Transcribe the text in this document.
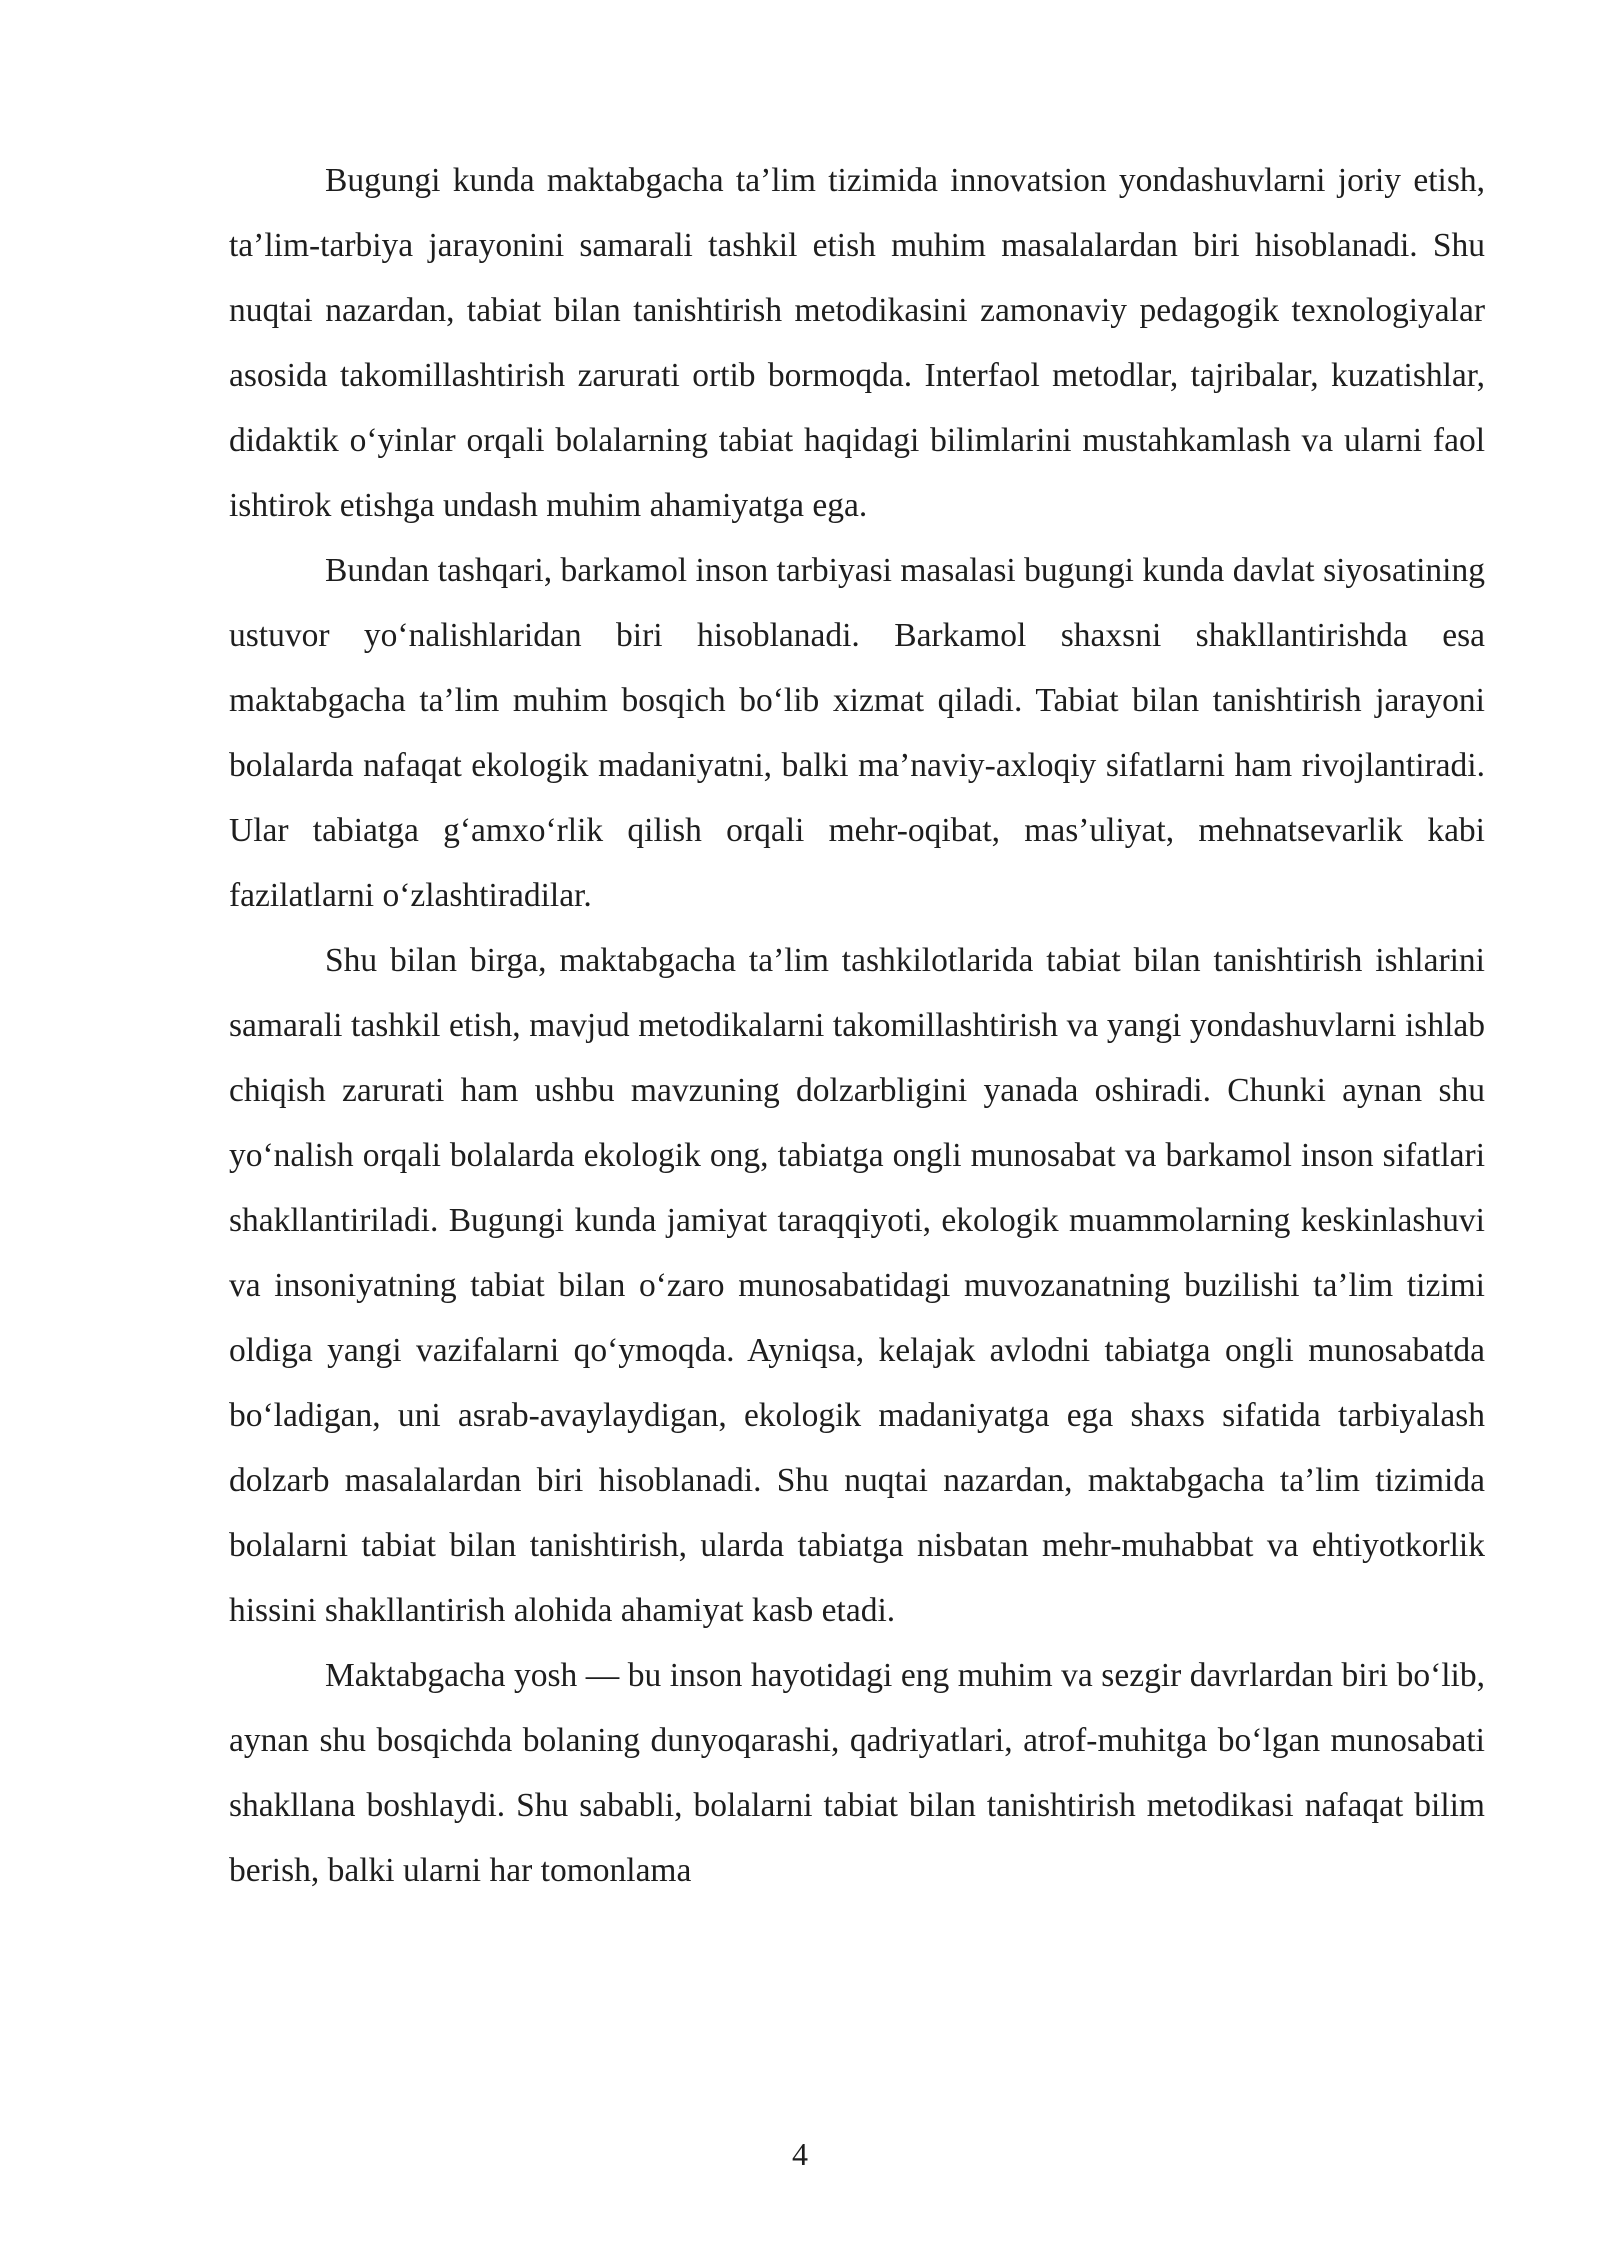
Bugungi kunda maktabgacha ta’lim tizimida innovatsion yondashuvlarni joriy etish, ta’lim-tarbiya jarayonini samarali tashkil etish muhim masalalardan biri hisoblanadi. Shu nuqtai nazardan, tabiat bilan tanishtirish metodikasini zamonaviy pedagogik texnologiyalar asosida takomillashtirish zarurati ortib bormoqda. Interfaol metodlar, tajribalar, kuzatishlar, didaktik o‘yinlar orqali bolalarning tabiat haqidagi bilimlarini mustahkamlash va ularni faol ishtirok etishga undash muhim ahamiyatga ega.

Bundan tashqari, barkamol inson tarbiyasi masalasi bugungi kunda davlat siyosatining ustuvor yo‘nalishlaridan biri hisoblanadi. Barkamol shaxsni shakllantirishda esa maktabgacha ta’lim muhim bosqich bo‘lib xizmat qiladi. Tabiat bilan tanishtirish jarayoni bolalarda nafaqat ekologik madaniyatni, balki ma’naviy-axloqiy sifatlarni ham rivojlantiradi. Ular tabiatga g‘amxo‘rlik qilish orqali mehr-oqibat, mas’uliyat, mehnatsevarlik kabi fazilatlarni o‘zlashtiradilar.

Shu bilan birga, maktabgacha ta’lim tashkilotlarida tabiat bilan tanishtirish ishlarini samarali tashkil etish, mavjud metodikalarni takomillashtirish va yangi yondashuvlarni ishlab chiqish zarurati ham ushbu mavzuning dolzarbligini yanada oshiradi. Chunki aynan shu yo‘nalish orqali bolalarda ekologik ong, tabiatga ongli munosabat va barkamol inson sifatlari shakllantiriladi. Bugungi kunda jamiyat taraqqiyoti, ekologik muammolarning keskinlashuvi va insoniyatning tabiat bilan o‘zaro munosabatidagi muvozanatning buzilishi ta’lim tizimi oldiga yangi vazifalarni qo‘ymoqda. Ayniqsa, kelajak avlodni tabiatga ongli munosabatda bo‘ladigan, uni asrab-avaylaydigan, ekologik madaniyatga ega shaxs sifatida tarbiyalash dolzarb masalalardan biri hisoblanadi. Shu nuqtai nazardan, maktabgacha ta’lim tizimida bolalarni tabiat bilan tanishtirish, ularda tabiatga nisbatan mehr-muhabbat va ehtiyotkorlik hissini shakllantirish alohida ahamiyat kasb etadi.

Maktabgacha yosh — bu inson hayotidagi eng muhim va sezgir davrlardan biri bo‘lib, aynan shu bosqichda bolaning dunyoqarashi, qadriyatlari, atrof-muhitga bo‘lgan munosabati shakllana boshlaydi. Shu sababli, bolalarni tabiat bilan tanishtirish metodikasi nafaqat bilim berish, balki ularni har tomonlama

4
